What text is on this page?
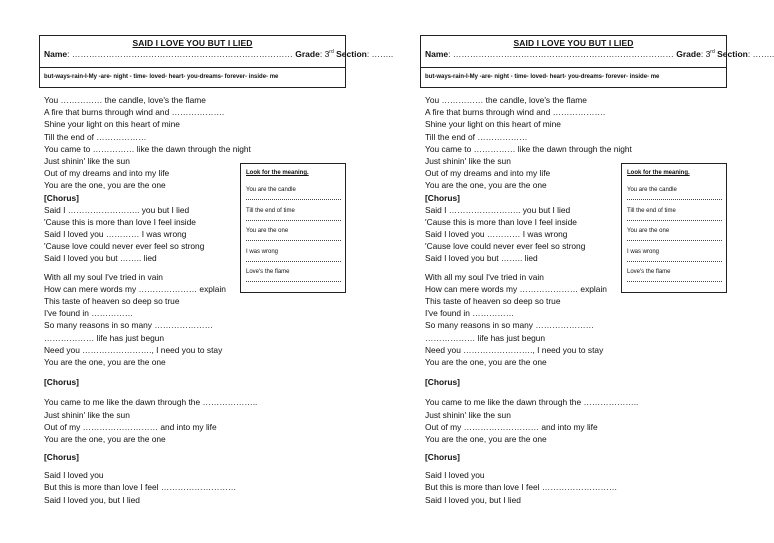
SAID I LOVE YOU BUT I LIED
Name: …………………………………………………………………… Grade: 3rd Section: ……..
but-ways-rain-I-My -are- night - time- loved- heart- you-dreams- forever- inside- me
You …………… the candle, love's the flame
A fire that burns through wind and ……………….
Shine your light on this heart of mine
Till the end of ………………
You came to …………… like the dawn through the night
Just shinin' like the sun
Out of my dreams and into my life
You are the one, you are the one
[Chorus]
Said I …………………….. you but I lied
'Cause this is more than love I feel inside
Said I loved you ………… I was wrong
'Cause love could never ever feel so strong
Said I loved you but …….. lied
With all my soul I've tried in vain
How can mere words my ………………… explain
This taste of heaven so deep so true
I've found in ……………
So many reasons in so many …………………
……………… life has just begun
Need you ……………………., I need you to stay
You are the one, you are the one
[Chorus]
You came to me like the dawn through the ………………..
Just shinin' like the sun
Out of my ……………………… and into my life
You are the one, you are the one
[Chorus]
Said I loved you
But this is more than love I feel ………………………
Said I loved you, but I lied
Look for the meaning.
You are the candle
Till the end of time
You are the one
I was wrong
Love's the flame
SAID I LOVE YOU BUT I LIED
Name: …………………………………………………………………… Grade: 3rd Section: ……..
but-ways-rain-I-My -are- night - time- loved- heart- you-dreams- forever- inside- me
You …………… the candle, love's the flame
A fire that burns through wind and ……………….
Shine your light on this heart of mine
Till the end of ………………
You came to …………… like the dawn through the night
Just shinin' like the sun
Out of my dreams and into my life
You are the one, you are the one
[Chorus]
Said I …………………….. you but I lied
'Cause this is more than love I feel inside
Said I loved you ………… I was wrong
'Cause love could never ever feel so strong
Said I loved you but …….. lied
With all my soul I've tried in vain
How can mere words my ………………… explain
This taste of heaven so deep so true
I've found in ……………
So many reasons in so many …………………
……………… life has just begun
Need you ……………………., I need you to stay
You are the one, you are the one
[Chorus]
You came to me like the dawn through the ………………..
Just shinin' like the sun
Out of my ……………………… and into my life
You are the one, you are the one
[Chorus]
Said I loved you
But this is more than love I feel ………………………
Said I loved you, but I lied
Look for the meaning.
You are the candle
Till the end of time
You are the one
I was wrong
Love's the flame
